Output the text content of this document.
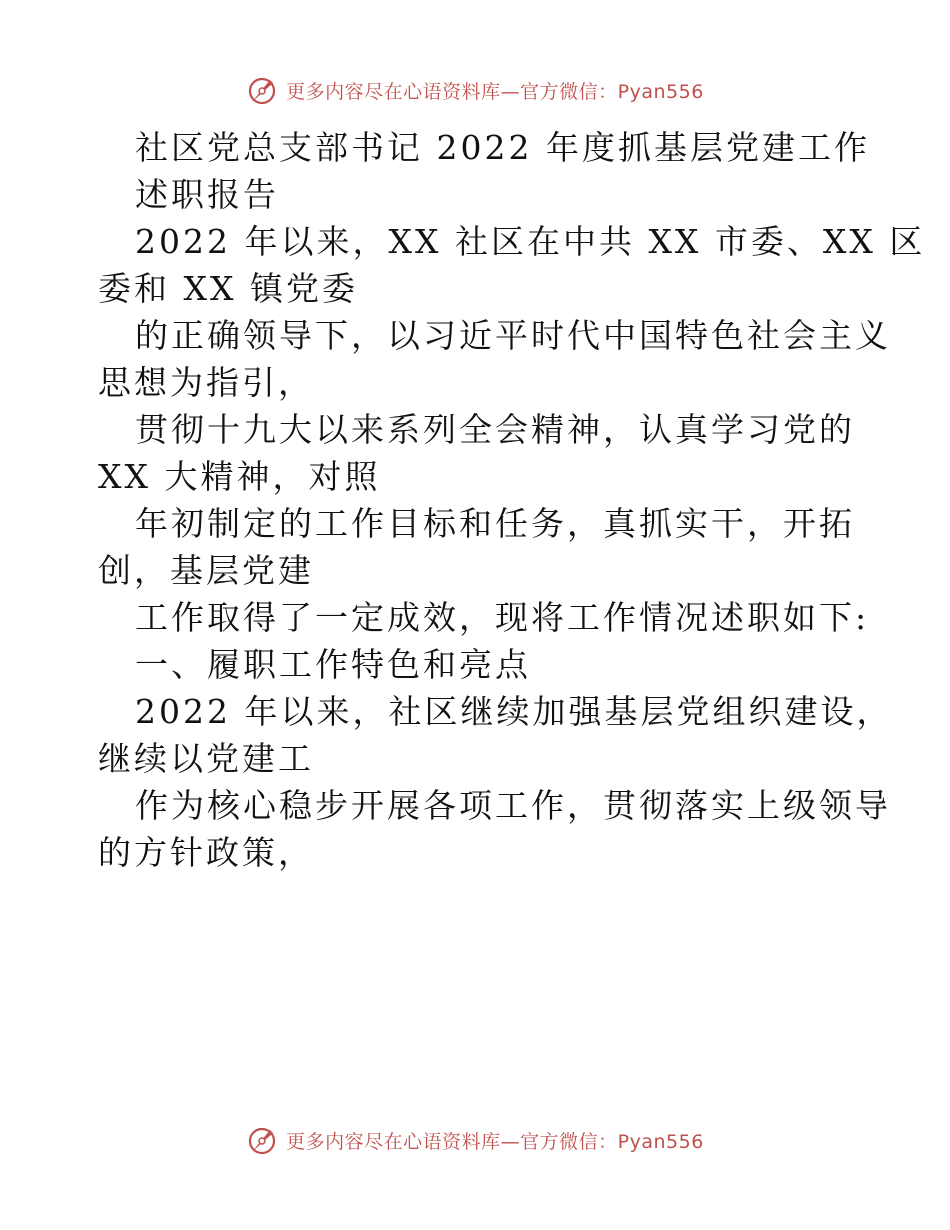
更多内容尽在心语资料库—官方微信：Pyan556

社区党总支部书记 2022 年度抓基层党建工作

述职报告

2022 年以来，XX 社区在中共 XX 市委、XX 区

委和 XX 镇党委

的正确领导下，以习近平时代中国特色社会主义

思想为指引，

贯彻十九大以来系列全会精神，认真学习党的

XX 大精神，对照

年初制定的工作目标和任务，真抓实干，开拓

创，基层党建

工作取得了一定成效，现将工作情况述职如下:

一、履职工作特色和亮点

2022 年以来，社区继续加强基层党组织建设，

继续以党建工

作为核心稳步开展各项工作，贯彻落实上级领导

的方针政策，

更多内容尽在心语资料库—官方微信：Pyan556
